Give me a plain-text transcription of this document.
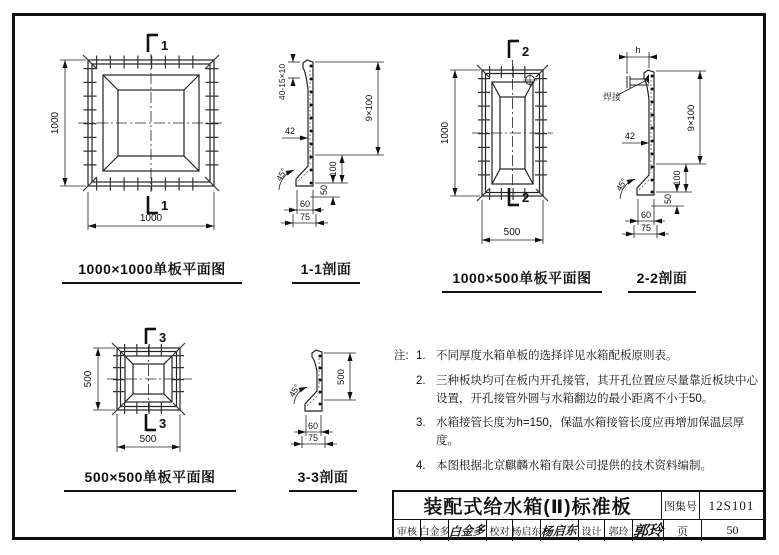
1000
1000
1
1
1000×1000单板平面图
40-15×10
42
9×100
100
50
60
75
45°
1-1剖面
1000
500
2
2
1000×500单板平面图
h
焊接
42
9×100
100
50
60
75
45°
2-2剖面
500
500
3
3
500×500单板平面图
500
60
75
45°
3-3剖面
注: 1. 不同厚度水箱单板的选择详见水箱配板原则表。
2. 三种板块均可在板内开孔接管，其开孔位置应尽量靠近板块中心设置，开孔接管外圆与水箱翻边的最小距离不小于50。
3. 水箱接管长度为h=150，保温水箱接管长度应再增加保温层厚度。
4. 本图根据北京麒麟水箱有限公司提供的技术资料编制。
装配式给水箱(Ⅱ)标准板	图集号 12S101
审核 白金多 白金多 校对 杨启东 杨启东 设计 郭玲 郭玲	页	50
